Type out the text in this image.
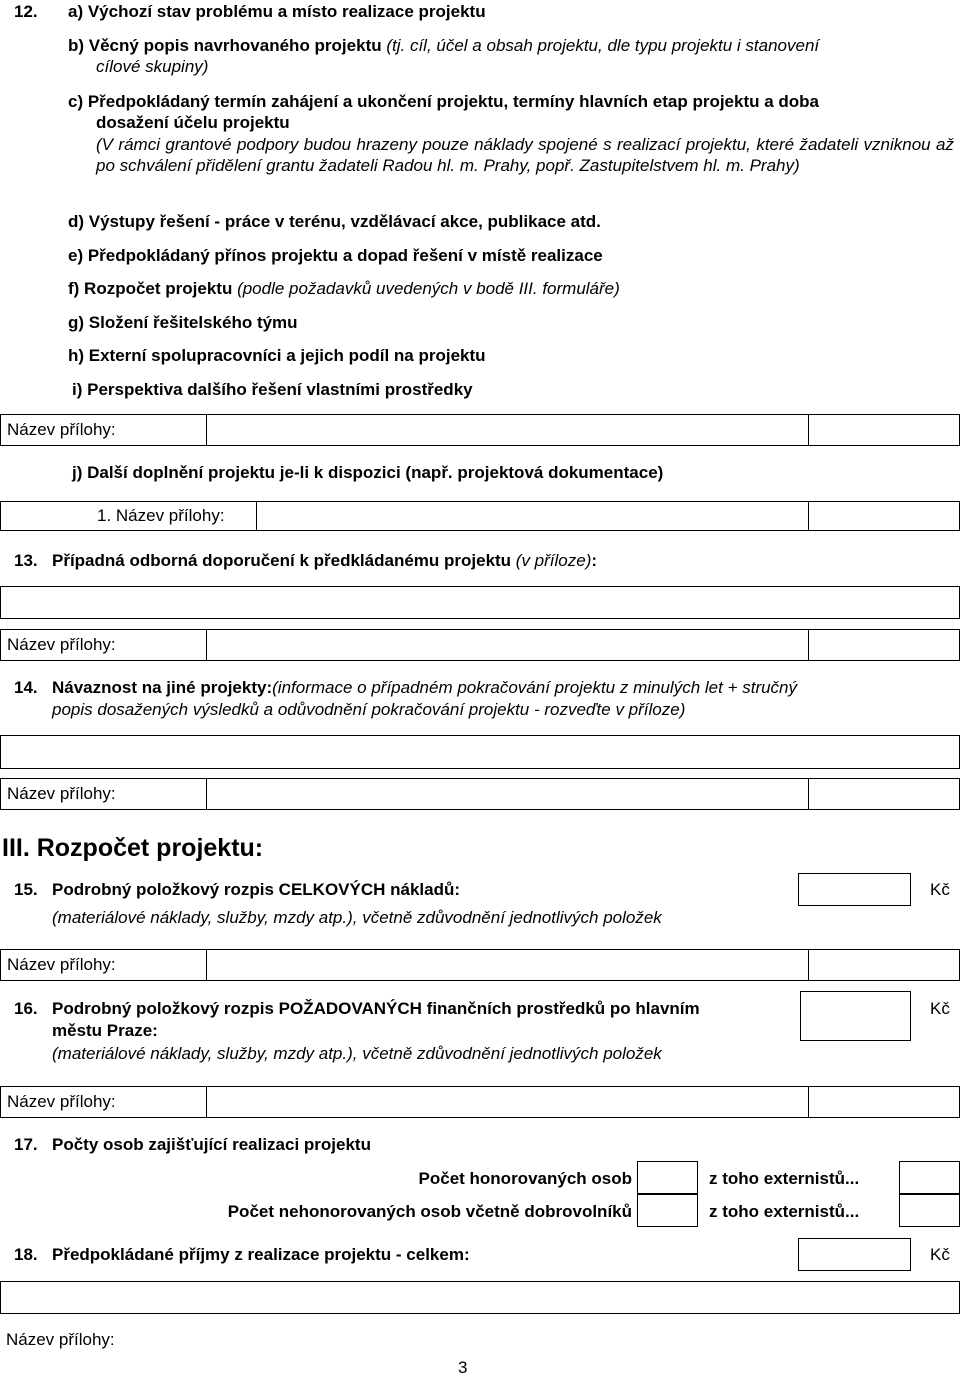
12. a) Výchozí stav problému a místo realizace projektu
b) Věcný popis navrhovaného projektu (tj. cíl, účel a obsah projektu, dle typu projektu i stanovení
cílové skupiny)
c) Předpokládaný termín zahájení a ukončení projektu, termíny hlavních etap projektu a doba
dosažení účelu projektu
(V rámci grantové podpory budou hrazeny pouze náklady spojené s realizací projektu, které žadateli vzniknou až po schválení přidělení grantu žadateli Radou hl. m. Prahy, popř. Zastupitelstvem hl. m. Prahy)
d) Výstupy řešení - práce v terénu, vzdělávací akce, publikace atd.
e) Předpokládaný přínos projektu a dopad řešení v místě realizace
f) Rozpočet projektu (podle požadavků uvedených v bodě III. formuláře)
g) Složení řešitelského týmu
h) Externí spolupracovníci a jejich podíl na projektu
i) Perspektiva dalšího řešení vlastními prostředky
Název přílohy:
j) Další doplnění projektu je-li k dispozici (např. projektová dokumentace)
1. Název přílohy:
13. Případná odborná doporučení k předkládanému projektu (v příloze):
Název přílohy:
14. Návaznost na jiné projekty:(informace o případném pokračování projektu z minulých let + stručný
popis dosažených výsledků a odůvodnění pokračování projektu - rozveďte v příloze)
Název přílohy:
III. Rozpočet projektu:
15. Podrobný položkový rozpis CELKOVÝCH nákladů:
(materiálové náklady, služby, mzdy atp.), včetně zdůvodnění jednotlivých položek
Kč
Název přílohy:
16. Podrobný položkový rozpis POŽADOVANÝCH finančních prostředků po hlavním
městu Praze:
(materiálové náklady, služby, mzdy atp.), včetně zdůvodnění jednotlivých položek
Kč
Název přílohy:
17. Počty osob zajišťující realizaci projektu
Počet honorovaných osob	z toho externistů...
Počet nehonorovaných osob včetně dobrovolníků	z toho externistů...
18. Předpokládané příjmy z realizace projektu - celkem:	Kč
Název přílohy:
3
